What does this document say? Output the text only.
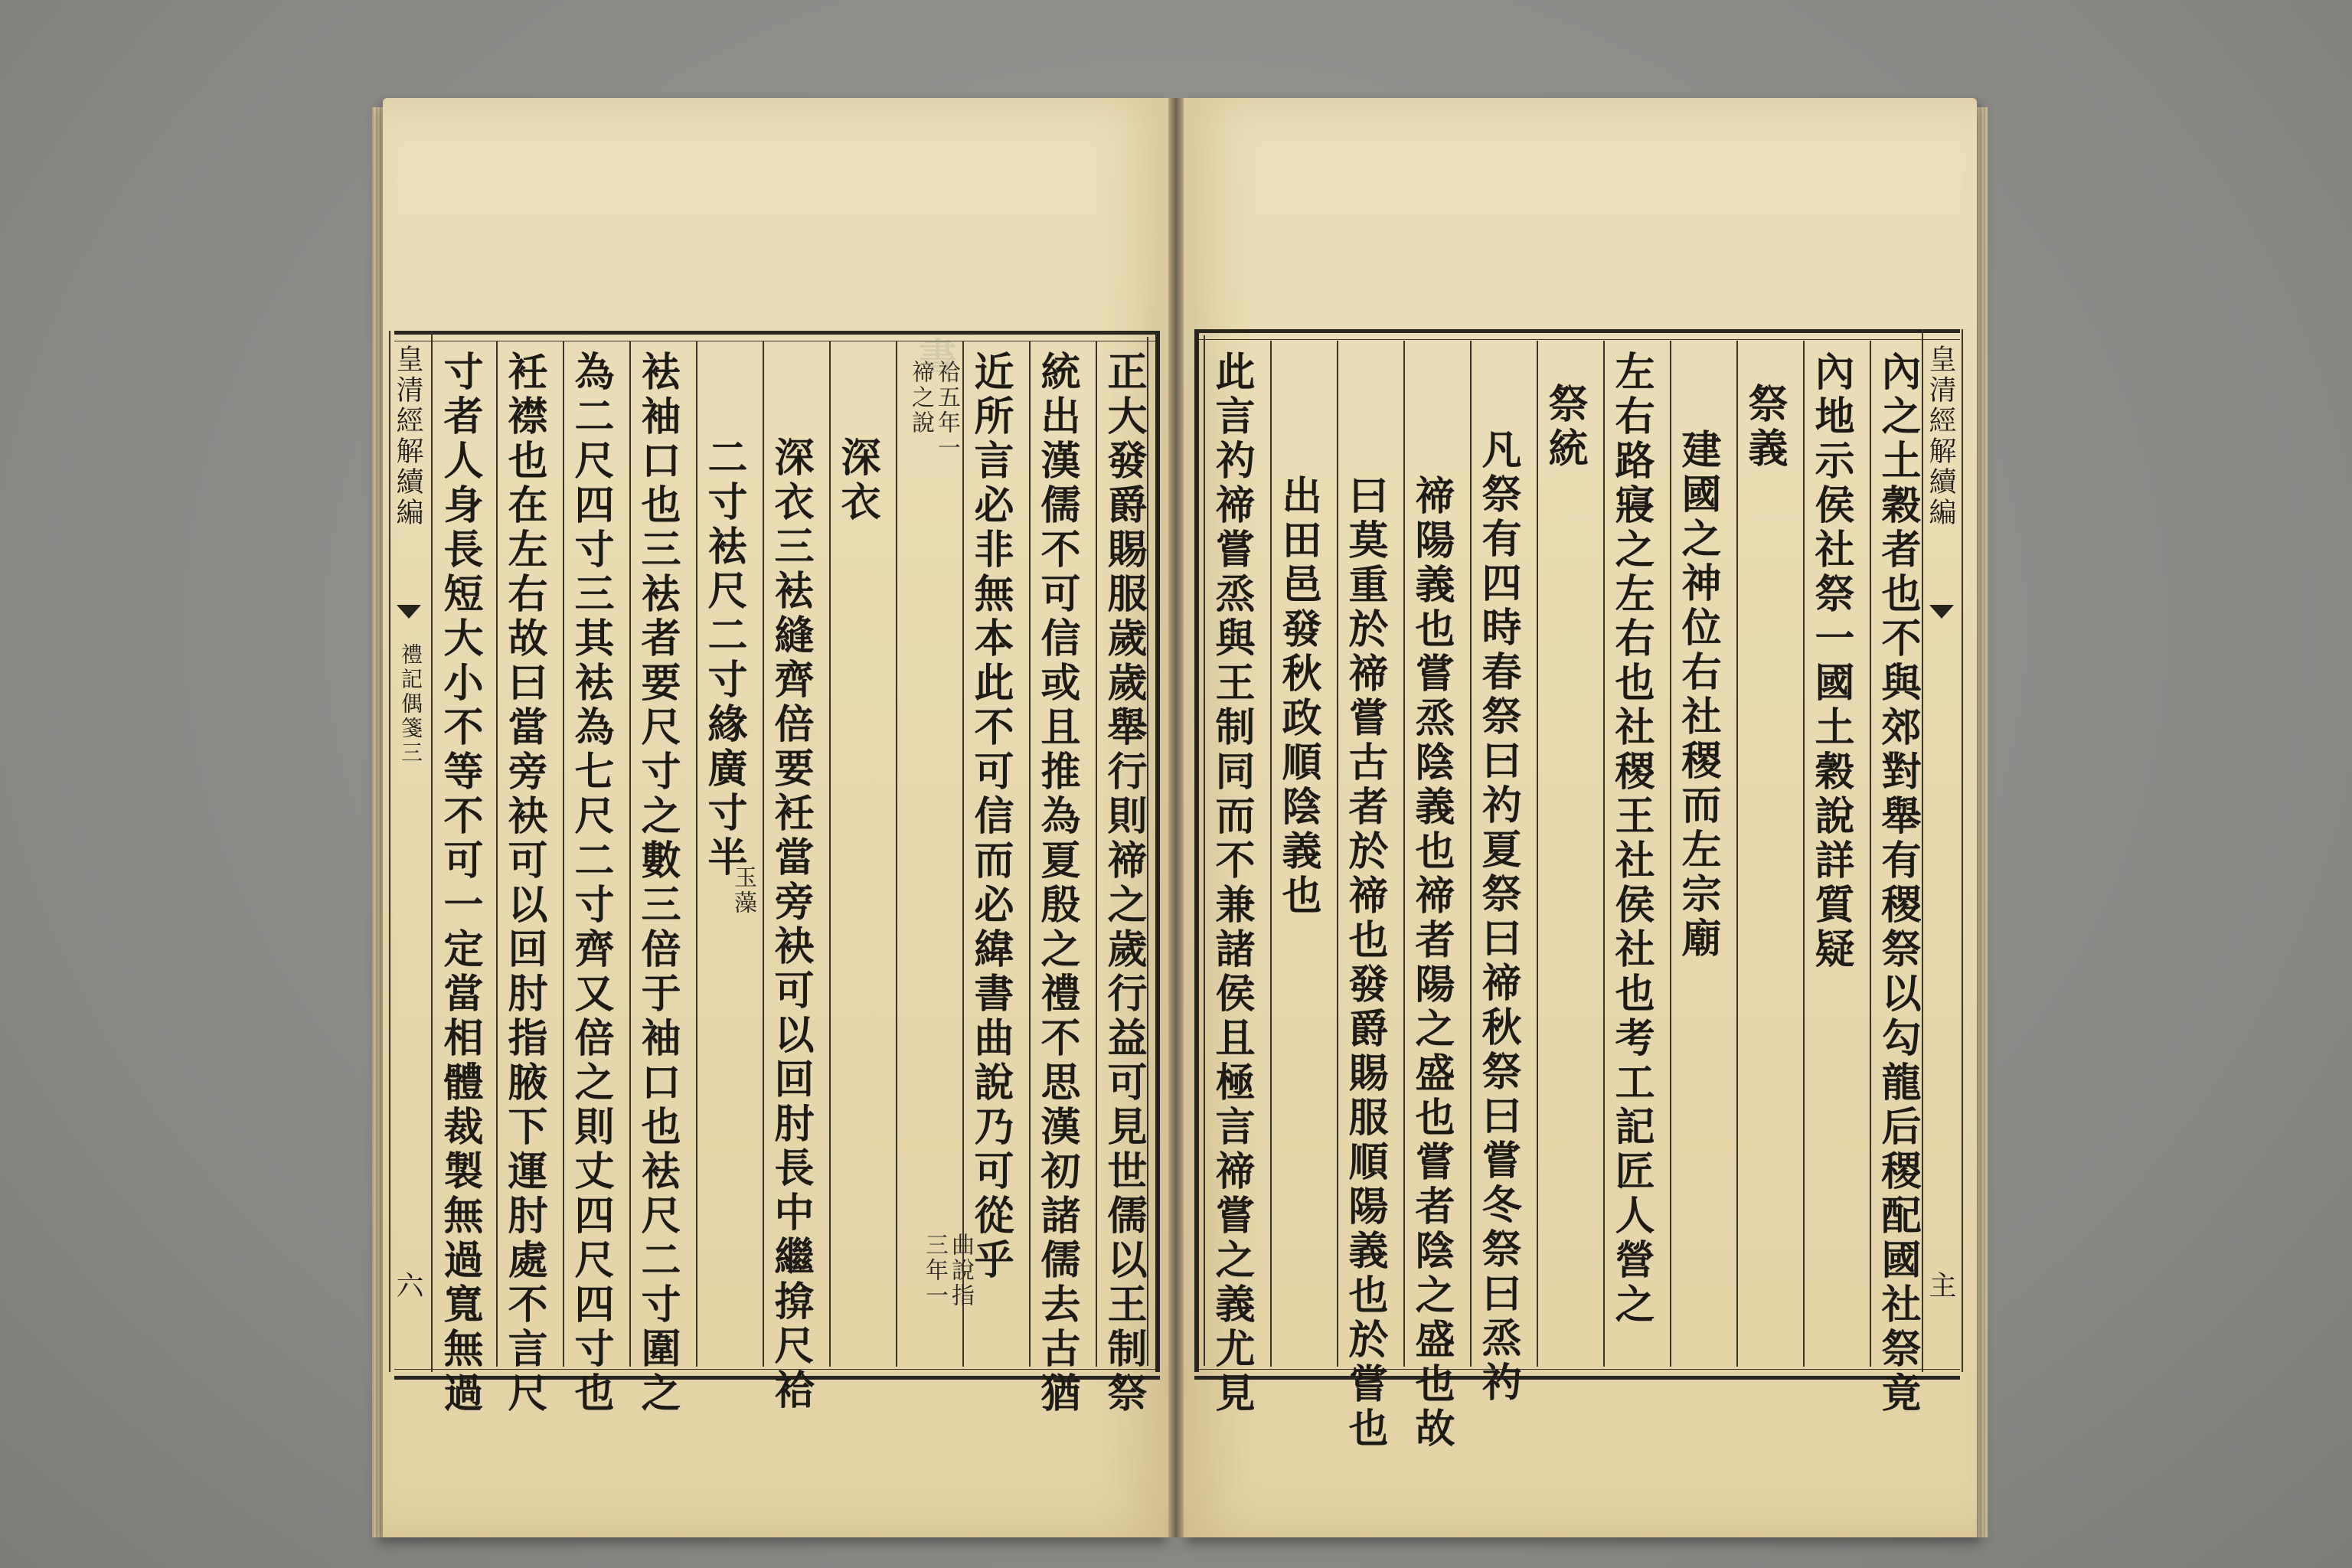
書
皇清經解續編
禮記偶箋三
六	正大發爵賜服歲歲舉行則禘之歲行益可見世儒以王制祭
統出漢儒不可信或且推為夏殷之禮不思漢初諸儒去古猶
近所言必非無本此不可信而必緯書曲說乃可從乎
曲說指
三年一
祫五年一
禘之說
深衣
深衣三袪縫齊倍要衽當旁袂可以回肘長中繼揜尺袷
二寸袪尺二寸緣廣寸半
玉藻
袪袖口也三袪者要尺寸之數三倍于袖口也袪尺二寸圍之
為二尺四寸三其袪為七尺二寸齊又倍之則丈四尺四寸也
衽襟也在左右故曰當旁袂可以回肘指腋下運肘處不言尺
寸者人身長短大小不等不可一定當相體裁製無過寬無過	皇清經解續編
主
內之土穀者也不與郊對舉有稷祭以勾龍后稷配國社祭竟
內地示侯社祭一國土穀說詳質疑
祭義
建國之神位右社稷而左宗廟
左右路寢之左右也社稷王社侯社也考工記匠人營之
祭統
凡祭有四時春祭曰礿夏祭曰禘秋祭曰嘗冬祭曰烝礿
禘陽義也嘗烝陰義也禘者陽之盛也嘗者陰之盛也故
曰莫重於禘嘗古者於禘也發爵賜服順陽義也於嘗也
出田邑發秋政順陰義也
此言礿禘嘗烝與王制同而不兼諸侯且極言禘嘗之義尤見
